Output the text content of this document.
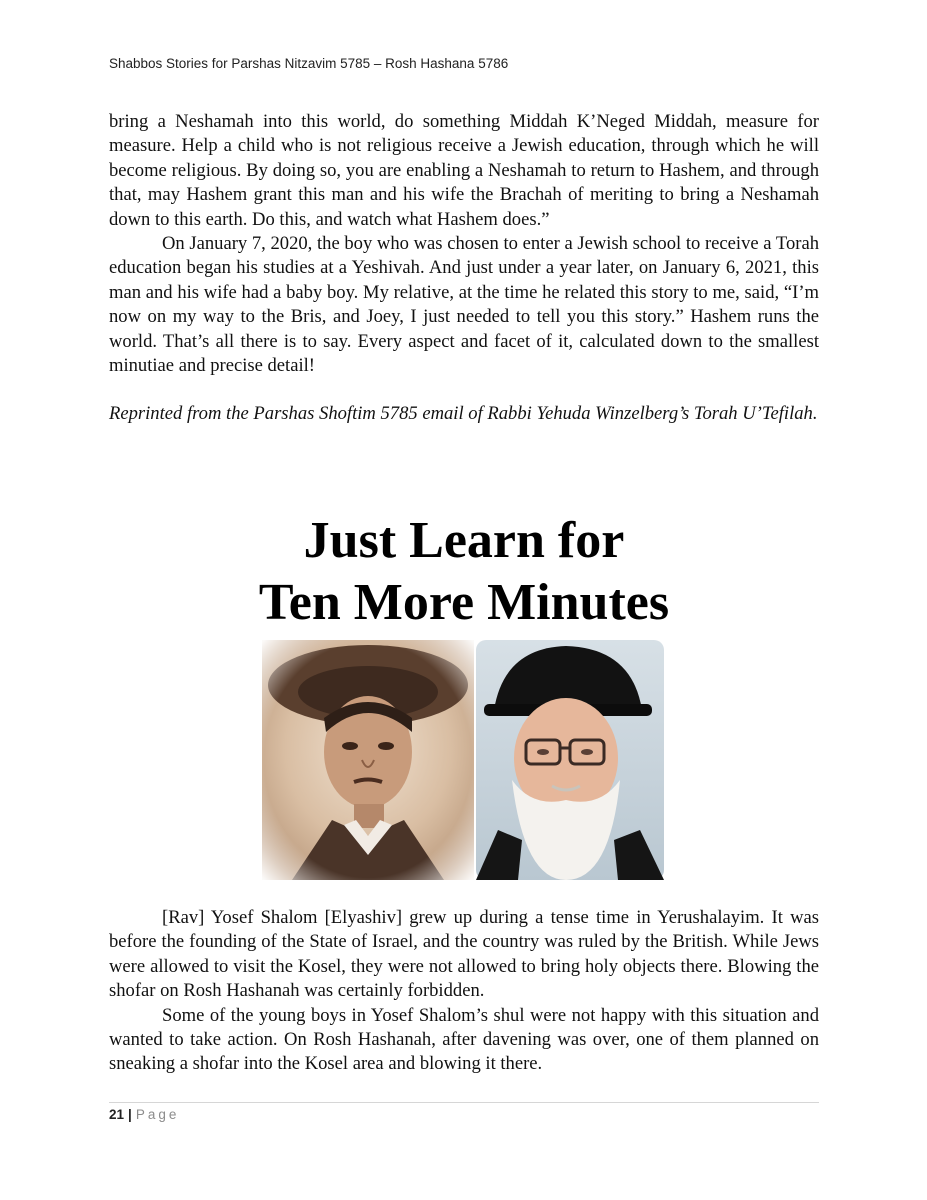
Shabbos Stories for Parshas Nitzavim 5785 – Rosh Hashana 5786

bring a Neshamah into this world, do something Middah K’Neged Middah, measure for measure. Help a child who is not religious receive a Jewish education, through which he will become religious. By doing so, you are enabling a Neshamah to return to Hashem, and through that, may Hashem grant this man and his wife the Brachah of meriting to bring a Neshamah down to this earth. Do this, and watch what Hashem does.”

On January 7, 2020, the boy who was chosen to enter a Jewish school to receive a Torah education began his studies at a Yeshivah. And just under a year later, on January 6, 2021, this man and his wife had a baby boy. My relative, at the time he related this story to me, said, “I’m now on my way to the Bris, and Joey, I just needed to tell you this story.” Hashem runs the world. That’s all there is to say. Every aspect and facet of it, calculated down to the smallest minutiae and precise detail!

Reprinted from the Parshas Shoftim 5785 email of Rabbi Yehuda Winzelberg’s Torah U’Tefilah.

Just Learn for
Ten More Minutes

[Rav] Yosef Shalom [Elyashiv] grew up during a tense time in Yerushalayim. It was before the founding of the State of Israel, and the country was ruled by the British. While Jews were allowed to visit the Kosel, they were not allowed to bring holy objects there. Blowing the shofar on Rosh Hashanah was certainly forbidden.

Some of the young boys in Yosef Shalom’s shul were not happy with this situation and wanted to take action. On Rosh Hashanah, after davening was over, one of them planned on sneaking a shofar into the Kosel area and blowing it there.

21 | Page
